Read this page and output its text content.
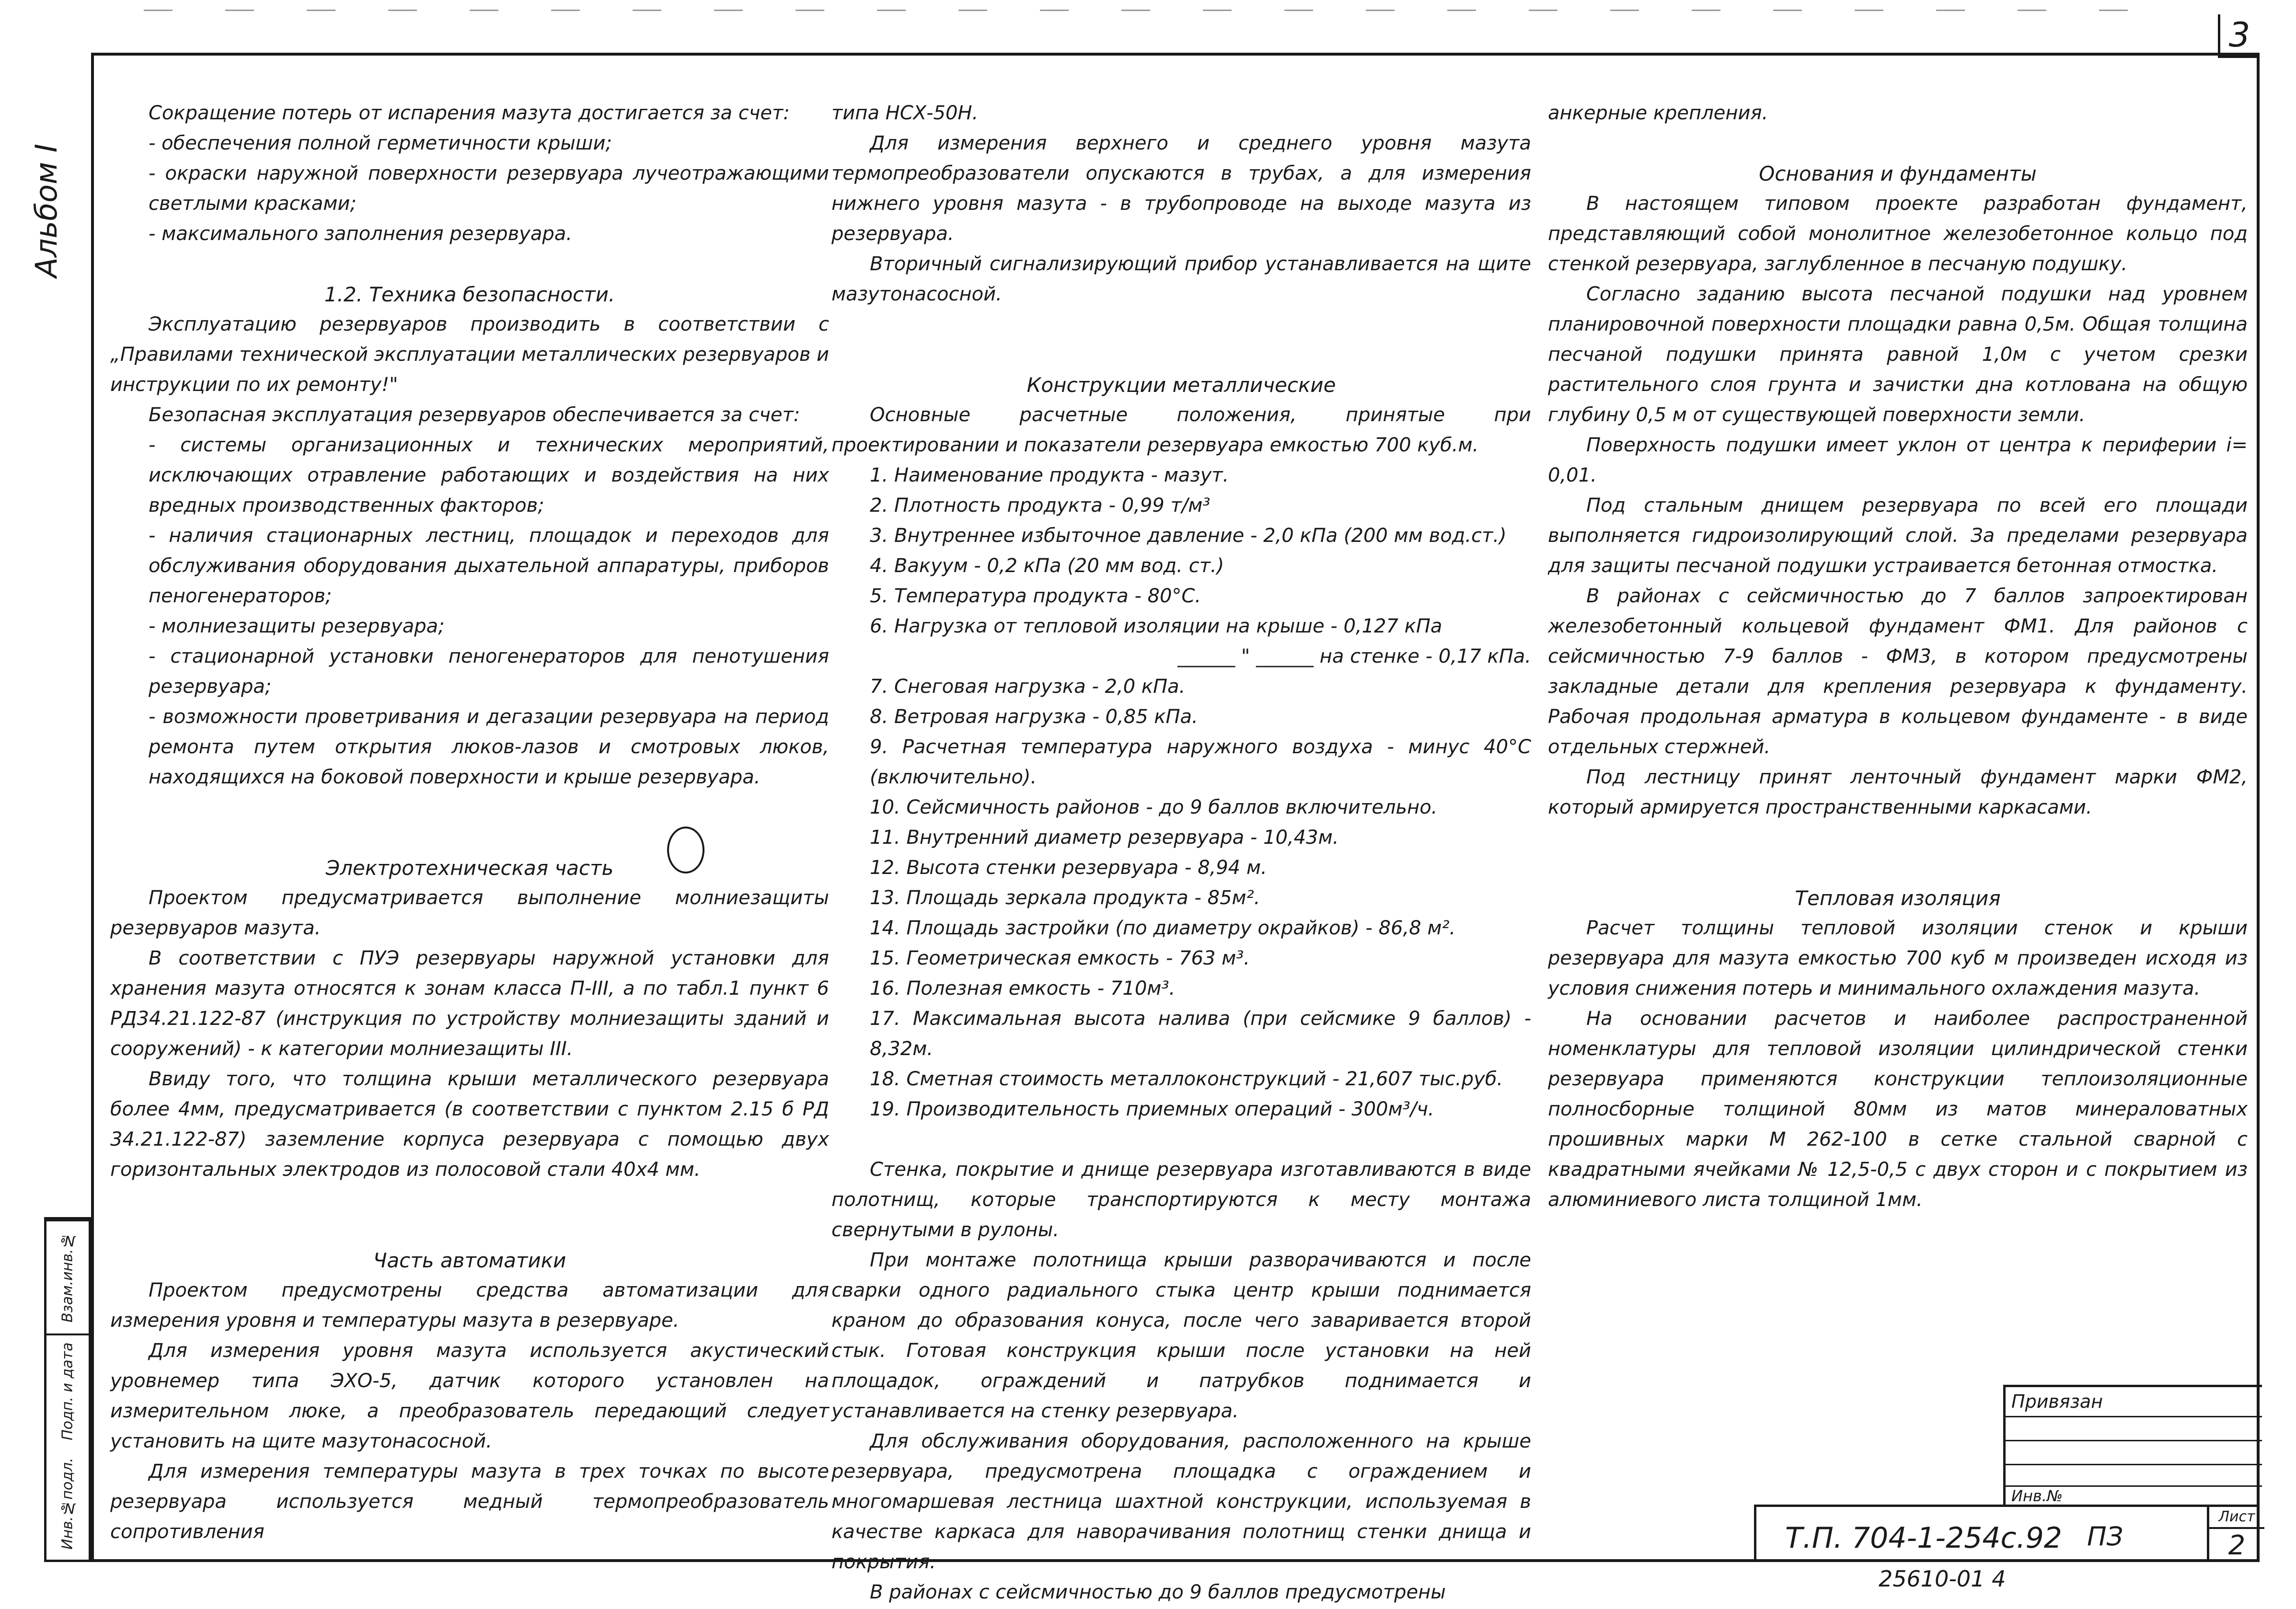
3
Альбом I
Взам.инв.№
Подп. и дата
Инв.№подл.

Сокращение потерь от испарения мазута достигается за счет:

- обеспечения полной герметичности крыши;

- окраски наружной поверхности резервуара лучеотражающими светлыми красками;

- максимального заполнения резервуара.

1.2. Техника безопасности.

Эксплуатацию резервуаров производить в соответствии с „Правилами технической эксплуатации металлических резервуаров и инструкции по их ремонту!"

Безопасная эксплуатация резервуаров обеспечивается за счет:

- системы организационных и технических мероприятий, исключающих отравление работающих и воздействия на них вредных производственных факторов;

- наличия стационарных лестниц, площадок и переходов для обслуживания оборудования дыхательной аппаратуры, приборов пеногенераторов;

- молниезащиты резервуара;

- стационарной установки пеногенераторов для пенотушения резервуара;

- возможности проветривания и дегазации резервуара на период ремонта путем открытия люков-лазов и смотровых люков, находящихся на боковой поверхности и крыше резервуара.

Электротехническая часть

Проектом предусматривается выполнение молниезащиты резервуаров мазута.

В соответствии с ПУЭ резервуары наружной установки для хранения мазута относятся к зонам класса П-III, а по табл.1 пункт 6 РД34.21.122-87 (инструкция по устройству молниезащиты зданий и сооружений) - к категории молниезащиты III.

Ввиду того, что толщина крыши металлического резервуара более 4мм, предусматривается (в соответствии с пунктом 2.15 б РД 34.21.122-87) заземление корпуса резервуара с помощью двух горизонтальных электродов из полосовой стали 40х4 мм.

Часть автоматики

Проектом предусмотрены средства автоматизации для измерения уровня и температуры мазута в резервуаре.

Для измерения уровня мазута используется акустический уровнемер типа ЭХО-5, датчик которого установлен на измерительном люке, а преобразователь передающий следует установить на щите мазутонасосной.

Для измерения температуры мазута в трех точках по высоте резервуара используется медный термопреобразователь сопротивления

типа НСХ-50Н.

Для измерения верхнего и среднего уровня мазута термопреобразователи опускаются в трубах, а для измерения нижнего уровня мазута - в трубопроводе на выходе мазута из резервуара.

Вторичный сигнализирующий прибор устанавливается на щите мазутонасосной.

Конструкции металлические

Основные расчетные положения, принятые при проектировании и показатели резервуара емкостью 700 куб.м.

1. Наименование продукта - мазут.

2. Плотность продукта - 0,99 т/м³

3. Внутреннее избыточное давление - 2,0 кПа (200 мм вод.ст.)

4. Вакуум - 0,2 кПа (20 мм вод. ст.)

5. Температура продукта - 80°С.

6. Нагрузка от тепловой изоляции на крыше - 0,127 кПа

______ " ______ на стенке - 0,17 кПа.

7. Снеговая нагрузка - 2,0 кПа.

8. Ветровая нагрузка - 0,85 кПа.

9. Расчетная температура наружного воздуха - минус 40°С (включительно).

10. Сейсмичность районов - до 9 баллов включительно.

11. Внутренний диаметр резервуара - 10,43м.

12. Высота стенки резервуара - 8,94 м.

13. Площадь зеркала продукта - 85м².

14. Площадь застройки (по диаметру окрайков) - 86,8 м².

15. Геометрическая емкость - 763 м³.

16. Полезная емкость - 710м³.

17. Максимальная высота налива (при сейсмике 9 баллов) - 8,32м.

18. Сметная стоимость металлоконструкций - 21,607 тыс.руб.

19. Производительность приемных операций - 300м³/ч.

Стенка, покрытие и днище резервуара изготавливаются в виде полотнищ, которые транспортируются к месту монтажа свернутыми в рулоны.

При монтаже полотнища крыши разворачиваются и после сварки одного радиального стыка центр крыши поднимается краном до образования конуса, после чего заваривается второй стык. Готовая конструкция крыши после установки на ней площадок, ограждений и патрубков поднимается и устанавливается на стенку резервуара.

Для обслуживания оборудования, расположенного на крыше резервуара, предусмотрена площадка с ограждением и многомаршевая лестница шахтной конструкции, используемая в качестве каркаса для наворачивания полотнищ стенки днища и покрытия.

В районах с сейсмичностью до 9 баллов предусмотрены

анкерные крепления.

Основания и фундаменты

В настоящем типовом проекте разработан фундамент, представляющий собой монолитное железобетонное кольцо под стенкой резервуара, заглубленное в песчаную подушку.

Согласно заданию высота песчаной подушки над уровнем планировочной поверхности площадки равна 0,5м. Общая толщина песчаной подушки принята равной 1,0м с учетом срезки растительного слоя грунта и зачистки дна котлована на общую глубину 0,5 м от существующей поверхности земли.

Поверхность подушки имеет уклон от центра к периферии i= 0,01.

Под стальным днищем резервуара по всей его площади выполняется гидроизолирующий слой. За пределами резервуара для защиты песчаной подушки устраивается бетонная отмостка.

В районах с сейсмичностью до 7 баллов запроектирован железобетонный кольцевой фундамент ФМ1. Для районов с сейсмичностью 7-9 баллов - ФМ3, в котором предусмотрены закладные детали для крепления резервуара к фундаменту. Рабочая продольная арматура в кольцевом фундаменте - в виде отдельных стержней.

Под лестницу принят ленточный фундамент марки ФМ2, который армируется пространственными каркасами.

Тепловая изоляция

Расчет толщины тепловой изоляции стенок и крыши резервуара для мазута емкостью 700 куб м произведен исходя из условия снижения потерь и минимального охлаждения мазута.

На основании расчетов и наиболее распространенной номенклатуры для тепловой изоляции цилиндрической стенки резервуара применяются конструкции теплоизоляционные полносборные толщиной 80мм из матов минераловатных прошивных марки М 262-100 в сетке стальной сварной с квадратными ячейками № 12,5-0,5 с двух сторон и с покрытием из алюминиевого листа толщиной 1мм.

Привязан
Инв.№
Т.П. 704-1-254с.92 ПЗ
Лист
2
25610-01 4
